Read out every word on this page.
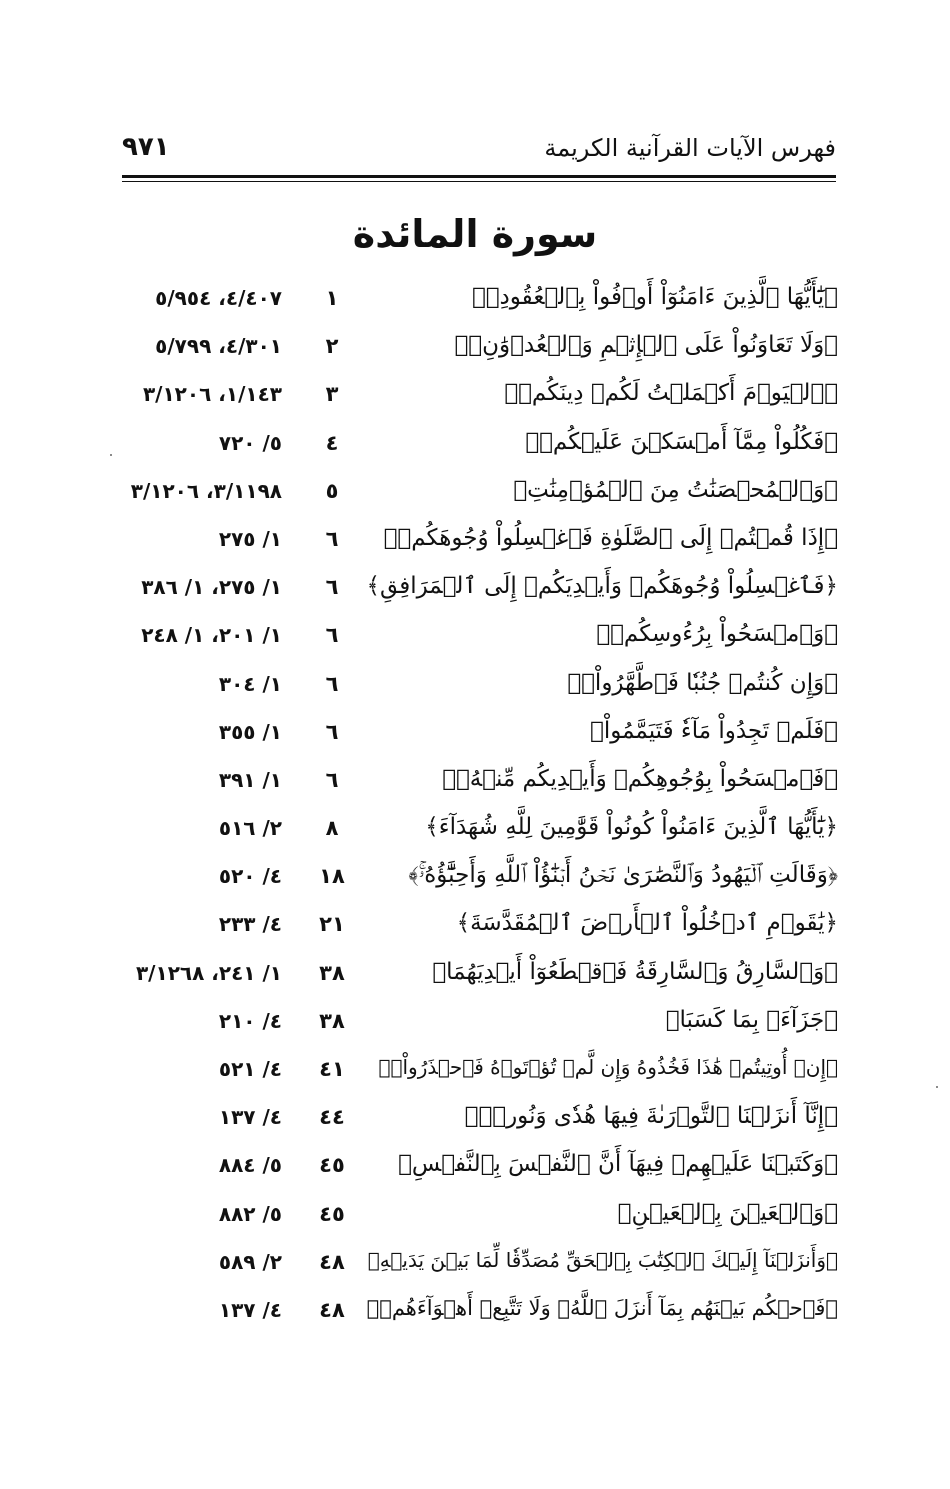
فهرس الآيات القرآنية الكريمة
٩٧١
سورة المائدة
﴿يَٰٓأَيُّهَا ٱلَّذِينَ ءَامَنُوٓاْ أَوۡفُواْ بِٱلۡعُقُودِۚ﴾
١
٤/٤٠٧، ٥/٩٥٤
﴿وَلَا تَعَاوَنُواْ عَلَى ٱلۡإِثۡمِ وَٱلۡعُدۡوَٰنِۚ﴾
٢
٤/٣٠١، ٥/٧٩٩
﴿ٱلۡيَوۡمَ أَكۡمَلۡتُ لَكُمۡ دِينَكُمۡ﴾
٣
١/١٤٣، ٣/١٢٠٦
﴿فَكُلُواْ مِمَّآ أَمۡسَكۡنَ عَلَيۡكُمۡ﴾
٤
٥/ ٧٢٠
﴿وَٱلۡمُحۡصَنَٰتُ مِنَ ٱلۡمُؤۡمِنَٰتِ﴾
٥
٣/١١٩٨، ٣/١٢٠٦
﴿إِذَا قُمۡتُمۡ إِلَى ٱلصَّلَوٰةِ فَٱغۡسِلُواْ وُجُوهَكُمۡ﴾
٦
١/ ٢٧٥
﴿فَٱغۡسِلُواْ وُجُوهَكُمۡ وَأَيۡدِيَكُمۡ إِلَى ٱلۡمَرَافِقِ﴾
٦
١/ ٢٧٥، ١/ ٣٨٦
﴿وَٱمۡسَحُواْ بِرُءُوسِكُمۡ﴾
٦
١/ ٢٠١، ١/ ٢٤٨
﴿وَإِن كُنتُمۡ جُنُبٗا فَٱطَّهَّرُواْۚ﴾
٦
١/ ٣٠٤
﴿فَلَمۡ تَجِدُواْ مَآءٗ فَتَيَمَّمُواْ﴾
٦
١/ ٣٥٥
﴿فَٱمۡسَحُواْ بِوُجُوهِكُمۡ وَأَيۡدِيكُم مِّنۡهُۚ﴾
٦
١/ ٣٩١
﴿يَٰٓأَيُّهَا ٱلَّذِينَ ءَامَنُواْ كُونُواْ قَوَّٰمِينَ لِلَّهِ شُهَدَآءَ﴾
٨
٢/ ٥١٦
﴿وَقَالَتِ ٱلۡيَهُودُ وَٱلنَّصَٰرَىٰ نَحۡنُ أَبۡنَٰٓؤُاْ ٱللَّهِ وَأَحِبَّٰٓؤُهُۥۚ﴾
١٨
٤/ ٥٢٠
﴿يَٰقَوۡمِ ٱدۡخُلُواْ ٱلۡأَرۡضَ ٱلۡمُقَدَّسَةَ﴾
٢١
٤/ ٢٣٣
﴿وَٱلسَّارِقُ وَٱلسَّارِقَةُ فَٱقۡطَعُوٓاْ أَيۡدِيَهُمَا﴾
٣٨
١/ ٢٤١، ٣/١٢٦٨
﴿جَزَآءَۢ بِمَا كَسَبَا﴾
٣٨
٤/ ٢١٠
﴿إِنۡ أُوتِيتُمۡ هَٰذَا فَخُذُوهُ وَإِن لَّمۡ تُؤۡتَوۡهُ فَٱحۡذَرُواْۚ﴾
٤١
٤/ ٥٢١
﴿إِنَّآ أَنزَلۡنَا ٱلتَّوۡرَىٰةَ فِيهَا هُدٗى وَنُورٞۚ﴾
٤٤
٤/ ١٣٧
﴿وَكَتَبۡنَا عَلَيۡهِمۡ فِيهَآ أَنَّ ٱلنَّفۡسَ بِٱلنَّفۡسِ﴾
٤٥
٥/ ٨٨٤
﴿وَٱلۡعَيۡنَ بِٱلۡعَيۡنِ﴾
٤٥
٥/ ٨٨٢
﴿وَأَنزَلۡنَآ إِلَيۡكَ ٱلۡكِتَٰبَ بِٱلۡحَقِّ مُصَدِّقٗا لِّمَا بَيۡنَ يَدَيۡهِ﴾
٤٨
٢/ ٥٨٩
﴿فَٱحۡكُم بَيۡنَهُم بِمَآ أَنزَلَ ٱللَّهُۖ وَلَا تَتَّبِعۡ أَهۡوَآءَهُمۡ﴾
٤٨
٤/ ١٣٧
